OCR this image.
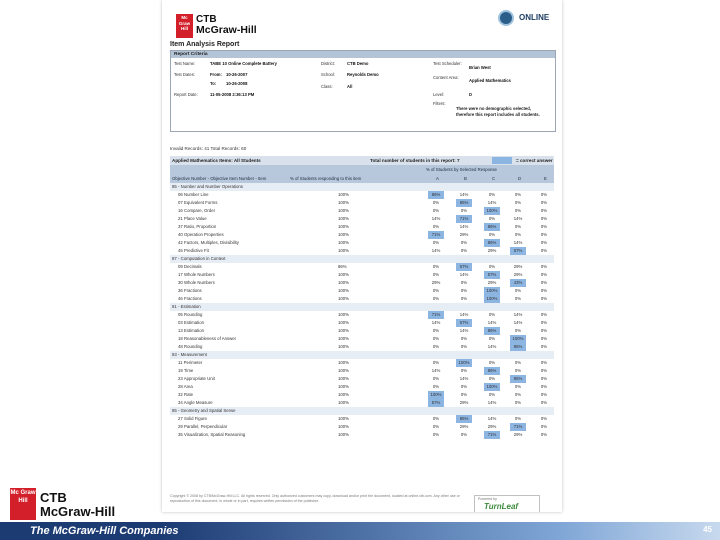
Mc Graw Hill
CTB
McGraw-Hill
ONLINE
Item Analysis Report
Report Criteria
Test Name:	TABE 10 Online Complete Battery
Test Dates:	From: 10-26-2007
To: 10-26-2008
Report Date:	11-05-2008 2:36:13 PM
District:	CTB Demo
School:	Reynolds Demo
Class:	All
Test Scheduler:
Brian West
Content Area:
Applied Mathematics
Level:	D
Filters:
There were no demographic selected, therefore this report includes all students.
Invalid Records: 41 Total Records: 60
Applied Mathematics Items: All Students	Total number of students in this report: 7	= correct answer
% of Students by Selected Response
Objective Number - Objective Item Number - Item	% of Students responding to this item	A	B	C	D	E
85 - Number and Number Operations
06 Number Line	100%	86%	14%	0%	0%	0%
07 Equivalent Forms	100%	0%	86%	14%	0%	0%
16 Compare, Order	100%	0%	0%	100%	0%	0%
21 Place Value	100%	14%	71%	0%	14%	0%
37 Ratio, Proportion	100%	0%	14%	86%	0%	0%
40 Operation Properties	100%	71%	29%	0%	0%	0%
42 Factors, Multiples, Divisibility	100%	0%	0%	86%	14%	0%
45 Predictive Fit	100%	14%	0%	29%	57%	0%
87 - Computation in Context
09 Decimals	86%	0%	57%	0%	29%	0%
17 Whole Numbers	100%	0%	14%	57%	29%	0%
30 Whole Numbers	100%	29%	0%	29%	43%	0%
36 Fractions	100%	0%	0%	100%	0%	0%
46 Fractions	100%	0%	0%	100%	0%	0%
81 - Estimation
05 Rounding	100%	71%	14%	0%	14%	0%
03 Estimation	100%	14%	57%	14%	14%	0%
13 Estimation	100%	0%	14%	86%	0%	0%
18 Reasonableness of Answer	100%	0%	0%	0%	100%	0%
48 Rounding	100%	0%	0%	14%	86%	0%
83 - Measurement
11 Perimeter	100%	0%	100%	0%	0%	0%
19 Time	100%	14%	0%	86%	0%	0%
23 Appropriate Unit	100%	0%	14%	0%	86%	0%
28 Area	100%	0%	0%	100%	0%	0%
32 Rate	100%	100%	0%	0%	0%	0%
34 Angle Measure	100%	57%	29%	14%	0%	0%
85 - Geometry and Spatial Sense
27 Solid Figure	100%	0%	86%	14%	0%	0%
29 Parallel, Perpendicular	100%	0%	29%	29%	71%	0%
35 Visualization, Spatial Reasoning	100%	0%	0%	71%	29%	0%
Copyright © 2008 by CTB/McGraw-Hill LLC. All rights reserved. Only authorized customers may copy, download and/or print the document, located at online.ctb.com. Any other use or reproduction of this document, in whole or in part, requires written permission of the publisher.	Powered by
TurnLeaf
Mc Graw Hill CTB
McGraw-Hill
The McGraw-Hill Companies	45
